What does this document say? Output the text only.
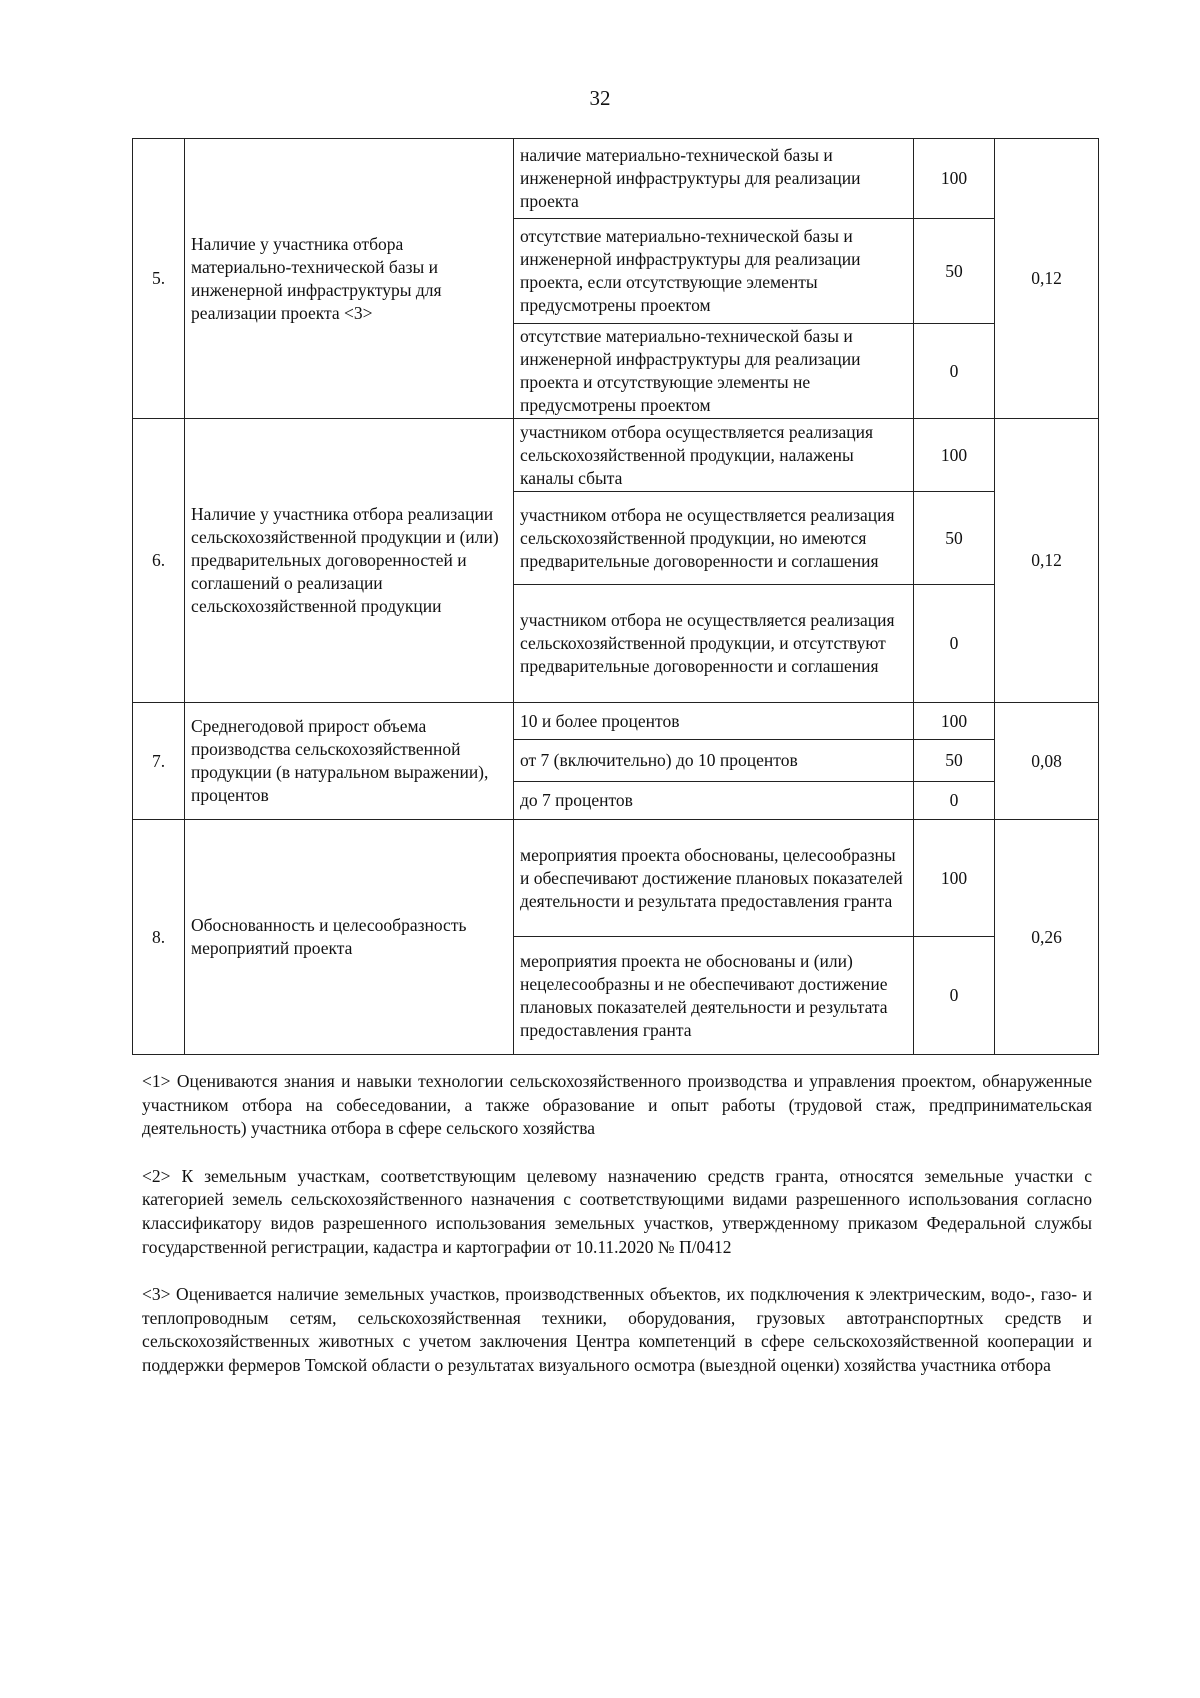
32
5.	Наличие у участника отбора материально-технической базы и инженерной инфраструктуры для реализации проекта <3>	наличие материально-технической базы и инженерной инфраструктуры для реализации проекта	100	0,12
		отсутствие материально-технической базы и инженерной инфраструктуры для реализации проекта, если отсутствующие элементы предусмотрены проектом	50	
		отсутствие материально-технической базы и инженерной инфраструктуры для реализации проекта и отсутствующие элементы не предусмотрены проектом	0	
6.	Наличие у участника отбора реализации сельскохозяйственной продукции и (или) предварительных договоренностей и соглашений о реализации сельскохозяйственной продукции	участником отбора осуществляется реализация сельскохозяйственной продукции, налажены каналы сбыта	100	0,12
		участником отбора не осуществляется реализация сельскохозяйственной продукции, но имеются предварительные договоренности и соглашения	50	
		участником отбора не осуществляется реализация сельскохозяйственной продукции, и отсутствуют предварительные договоренности и соглашения	0	
7.	Среднегодовой прирост объема производства сельскохозяйственной продукции (в натуральном выражении), процентов	10 и более процентов	100	0,08
		от 7 (включительно) до 10 процентов	50	
		до 7 процентов	0	
8.	Обоснованность и целесообразность мероприятий проекта	мероприятия проекта обоснованы, целесообразны и обеспечивают достижение плановых показателей деятельности и результата предоставления гранта	100	0,26
		мероприятия проекта не обоснованы и (или) нецелесообразны и не обеспечивают достижение плановых показателей деятельности и результата предоставления гранта	0	

<1> Оцениваются знания и навыки технологии сельскохозяйственного производства и управления проектом, обнаруженные участником отбора на собеседовании, а также образование и опыт работы (трудовой стаж, предпринимательская деятельность) участника отбора в сфере сельского хозяйства

<2> К земельным участкам, соответствующим целевому назначению средств гранта, относятся земельные участки с категорией земель сельскохозяйственного назначения с соответствующими видами разрешенного использования согласно классификатору видов разрешенного использования земельных участков, утвержденному приказом Федеральной службы государственной регистрации, кадастра и картографии от 10.11.2020 № П/0412

<3> Оценивается наличие земельных участков, производственных объектов, их подключения к электрическим, водо-, газо- и теплопроводным сетям, сельскохозяйственная техники, оборудования, грузовых автотранспортных средств и сельскохозяйственных животных с учетом заключения Центра компетенций в сфере сельскохозяйственной кооперации и поддержки фермеров Томской области о результатах визуального осмотра (выездной оценки) хозяйства участника отбора
